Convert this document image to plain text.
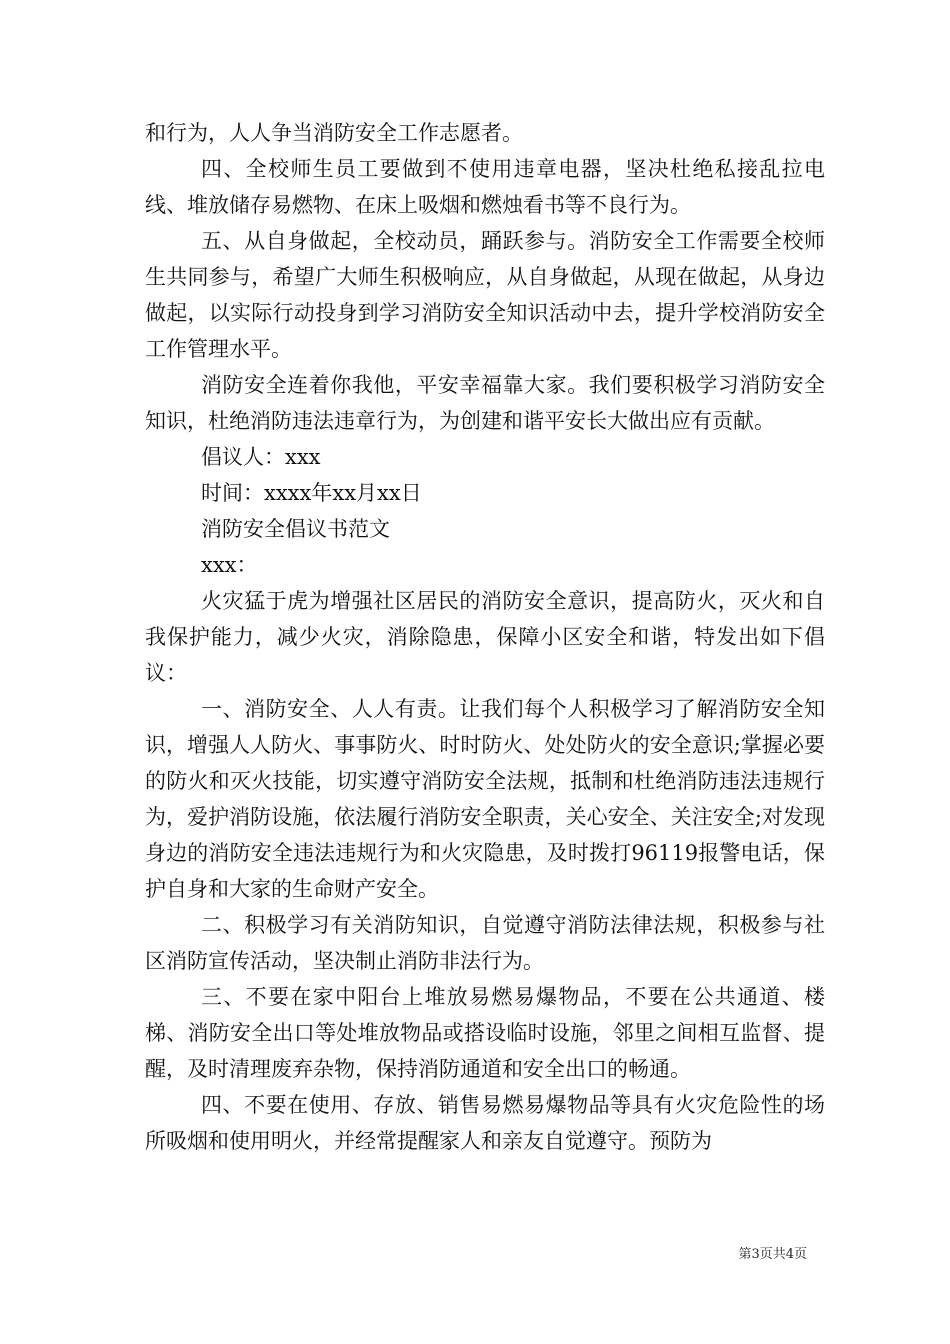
和行为，人人争当消防安全工作志愿者。

四、全校师生员工要做到不使用违章电器，坚决杜绝私接乱拉电线、堆放储存易燃物、在床上吸烟和燃烛看书等不良行为。

五、从自身做起，全校动员，踊跃参与。消防安全工作需要全校师生共同参与，希望广大师生积极响应，从自身做起，从现在做起，从身边做起，以实际行动投身到学习消防安全知识活动中去，提升学校消防安全工作管理水平。

消防安全连着你我他，平安幸福靠大家。我们要积极学习消防安全知识，杜绝消防违法违章行为，为创建和谐平安长大做出应有贡献。

倡议人：xxx

时间：xxxx年xx月xx日

消防安全倡议书范文

xxx：

火灾猛于虎为增强社区居民的消防安全意识，提高防火，灭火和自我保护能力，减少火灾，消除隐患，保障小区安全和谐，特发出如下倡议：

一、消防安全、人人有责。让我们每个人积极学习了解消防安全知识，增强人人防火、事事防火、时时防火、处处防火的安全意识;掌握必要的防火和灭火技能，切实遵守消防安全法规，抵制和杜绝消防违法违规行为，爱护消防设施，依法履行消防安全职责，关心安全、关注安全;对发现身边的消防安全违法违规行为和火灾隐患，及时拨打96119报警电话，保护自身和大家的生命财产安全。

二、积极学习有关消防知识，自觉遵守消防法律法规，积极参与社区消防宣传活动，坚决制止消防非法行为。

三、不要在家中阳台上堆放易燃易爆物品，不要在公共通道、楼梯、消防安全出口等处堆放物品或搭设临时设施，邻里之间相互监督、提醒，及时清理废弃杂物，保持消防通道和安全出口的畅通。

四、不要在使用、存放、销售易燃易爆物品等具有火灾危险性的场所吸烟和使用明火，并经常提醒家人和亲友自觉遵守。预防为

第3页共4页
